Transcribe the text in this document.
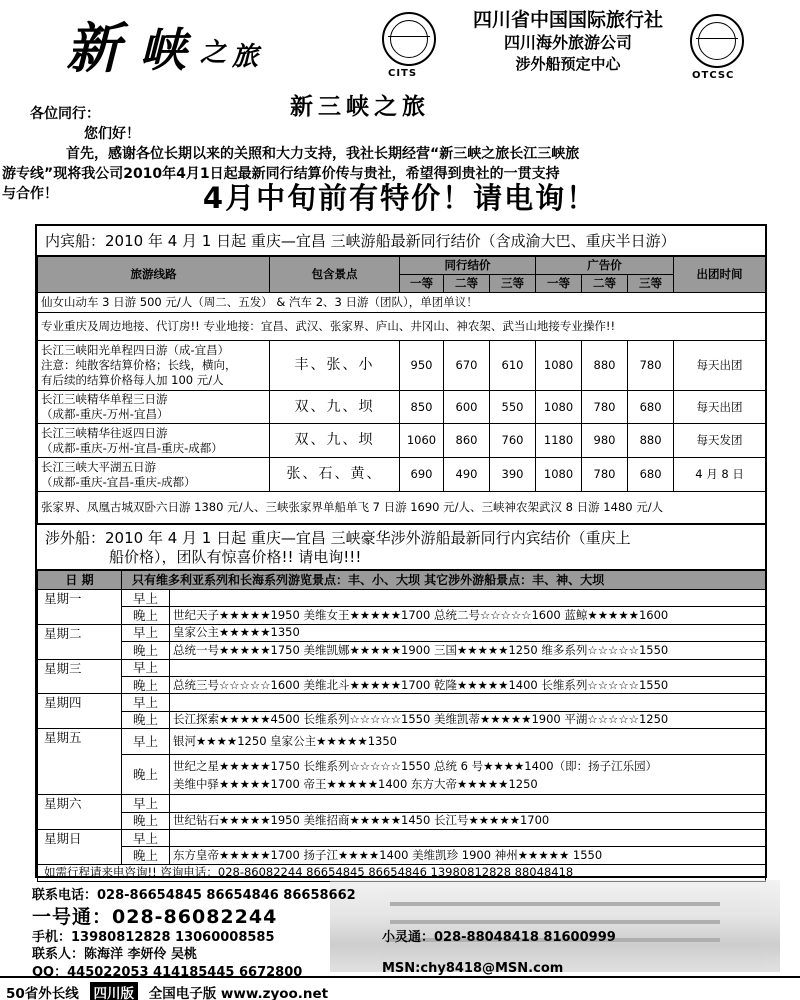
新 峡 之 旅
CITS
四川省中国国际旅行社
四川海外旅游公司
涉外船预定中心
OTCSC
新三峡之旅
各位同行：
您们好！
首先，感谢各位长期以来的关照和大力支持，我社长期经营“新三峡之旅长江三峡旅
游专线”现将我公司2010年4月1日起最新同行结算价传与贵社，希望得到贵社的一贯支持
与合作！	4月中旬前有特价！请电询！
内宾船：2010 年 4 月 1 日起 重庆—宜昌 三峡游船最新同行结价（含成渝大巴、重庆半日游）
旅游线路	包含景点	同行结价			广告价			出团时间
		一等	二等	三等	一等	二等	三等	
仙女山动车 3 日游 500 元/人（周二、五发） & 汽车 2、3 日游（团队），单团单议！								
专业重庆及周边地接、代订房!! 专业地接：宜昌、武汉、张家界、庐山、井冈山、神农架、武当山地接专业操作!!								

长江三峡阳光单程四日游（成-宜昌）
注意：纯散客结算价格；长线，横向，
有后续的结算价格每人加 100 元/人	丰、张、小	950	670	610	1080	880	780	每天出团

长江三峡精华单程三日游
（成都-重庆-万州-宜昌）	双、九、坝	850	600	550	1080	780	680	每天出团

长江三峡精华往返四日游
（成都-重庆-万州-宜昌-重庆-成都）	双、九、坝	1060	860	760	1180	980	880	每天发团

长江三峡大平湖五日游
（成都-重庆-宜昌-重庆-成都）	张、石、黄、	690	490	390	1080	780	680	4 月 8 日
张家界、凤凰古城双卧六日游 1380 元/人、三峡张家界单船单飞 7 日游 1690 元/人、三峡神农架武汉 8 日游 1480 元/人								
涉外船：2010 年 4 月 1 日起 重庆—宜昌 三峡豪华涉外游船最新同行内宾结价（重庆上
船价格），团队有惊喜价格!! 请电询!!!
日 期	只有维多利亚系列和长海系列游览景点：丰、小、大坝 其它涉外游船景点：丰、神、大坝	
星期一	早上	
	晚上	世纪天子★★★★★1950 美维女王★★★★★1700 总统二号☆☆☆☆☆1600 蓝鲸★★★★★1600
星期二	早上	皇家公主★★★★★1350
	晚上	总统一号★★★★★1750 美维凯娜★★★★★1900 三国★★★★★1250 维多系列☆☆☆☆☆1550
星期三	早上	
	晚上	总统三号☆☆☆☆☆1600 美维北斗★★★★★1700 乾隆★★★★★1400 长维系列☆☆☆☆☆1550
星期四	早上	
	晚上	长江探索★★★★★4500 长维系列☆☆☆☆☆1550 美维凯蒂★★★★★1900 平湖☆☆☆☆☆1250
星期五	早上	银河★★★★1250 皇家公主★★★★★1350
	晚上	世纪之星★★★★★1750 长维系列☆☆☆☆☆1550 总统 6 号★★★★1400（即：扬子江乐园）
美维中驿★★★★★1700 帝王★★★★★1400 东方大帝★★★★★1250

星期六	早上	
	晚上	世纪钻石★★★★★1950 美维招商★★★★★1450 长江号★★★★★1700
星期日	早上	
	晚上	东方皇帝★★★★★1700 扬子江★★★★1400 美维凯珍 1900 神州★★★★★ 1550
如需行程请来电咨询!! 咨询电话：028-86082244 86654845 86654846 13980812828 88048418		
联系电话：028-86654845 86654846 86658662
一号通：028-86082244
手机：13980812828 13060008585	小灵通：028-88048418 81600999
联系人：陈海洋 李妍伶 吴桃
QQ：445022053 414185445 6672800	MSN:chy8418@MSN.com
50省外长线 四川版 全国电子版 www.zyoo.net
